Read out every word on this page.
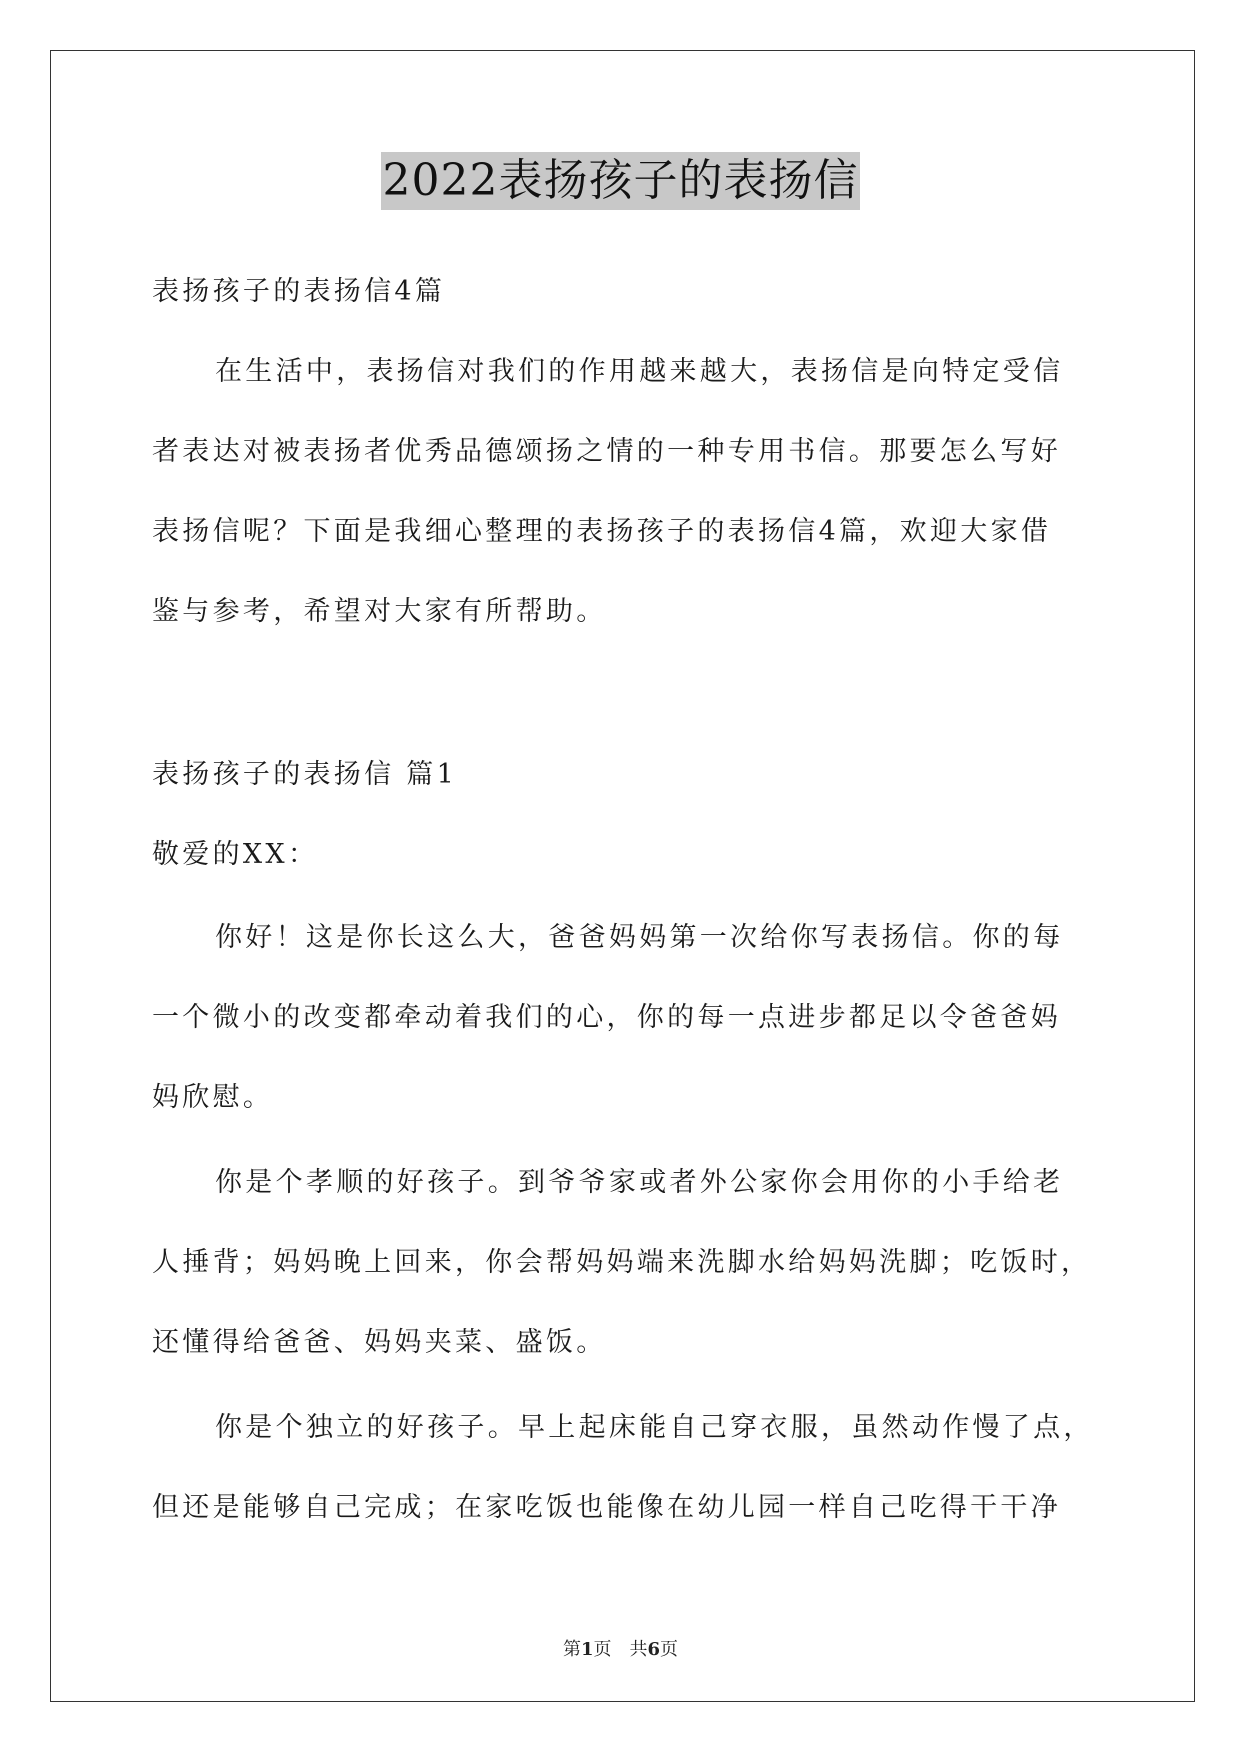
2022表扬孩子的表扬信
表扬孩子的表扬信4篇
在生活中，表扬信对我们的作用越来越大，表扬信是向特定受信
者表达对被表扬者优秀品德颂扬之情的一种专用书信。那要怎么写好
表扬信呢？下面是我细心整理的表扬孩子的表扬信4篇，欢迎大家借
鉴与参考，希望对大家有所帮助。
表扬孩子的表扬信 篇1
敬爱的XX：
你好！这是你长这么大，爸爸妈妈第一次给你写表扬信。你的每
一个微小的改变都牵动着我们的心，你的每一点进步都足以令爸爸妈
妈欣慰。
你是个孝顺的好孩子。到爷爷家或者外公家你会用你的小手给老
人捶背；妈妈晚上回来，你会帮妈妈端来洗脚水给妈妈洗脚；吃饭时，
还懂得给爸爸、妈妈夹菜、盛饭。
你是个独立的好孩子。早上起床能自己穿衣服，虽然动作慢了点，
但还是能够自己完成；在家吃饭也能像在幼儿园一样自己吃得干干净
第1页　共6页
